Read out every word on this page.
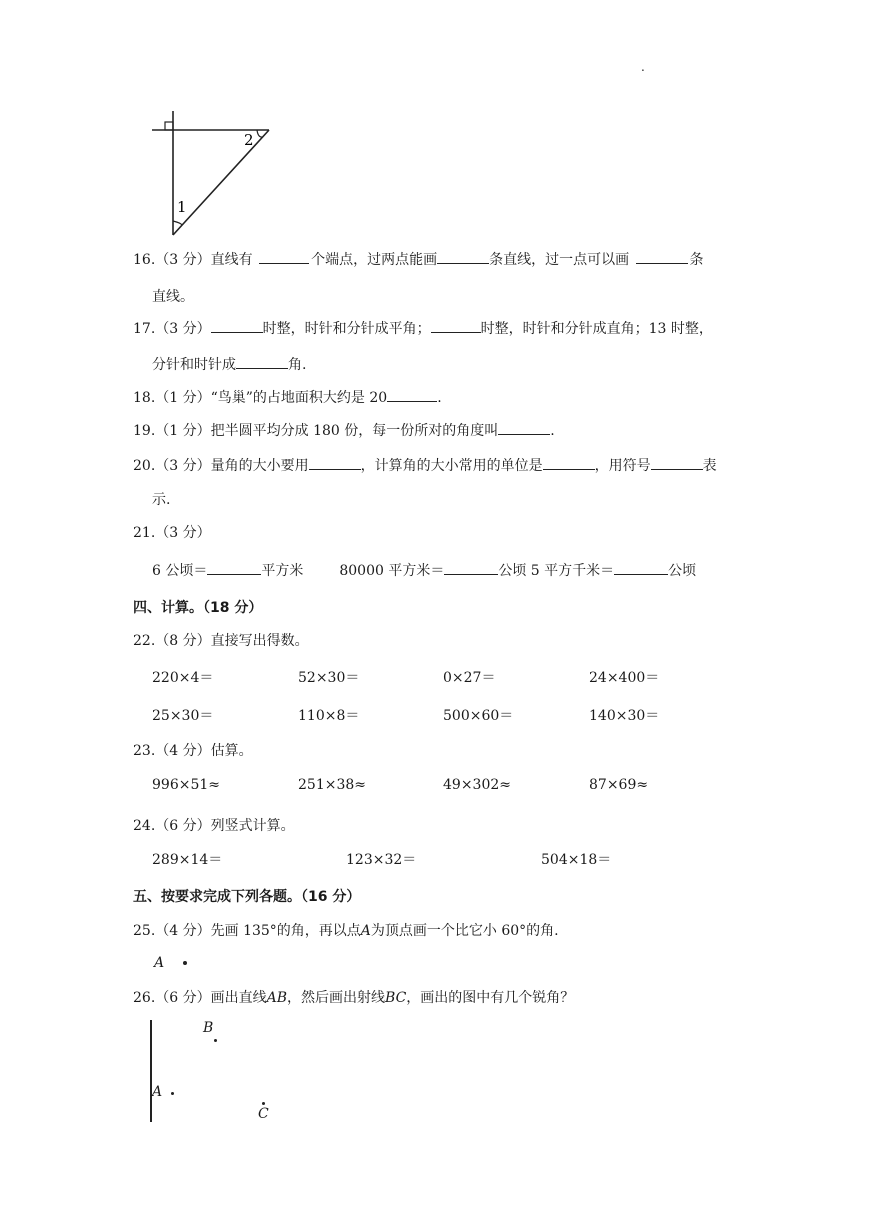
.
2
1
16.（3 分）直线有	个端点，过两点能画	条直线，过一点可以画	条
直线。
17.（3 分）	时整，时针和分针成平角；	时整，时针和分针成直角；13 时整，
分针和时针成	角.
18.（1 分）“鸟巢”的占地面积大约是 20	.
19.（1 分）把半圆平均分成 180 份，每一份所对的角度叫	.
20.（3 分）量角的大小要用	，计算角的大小常用的单位是	，用符号	表
示.
21.（3 分）
6 公顷＝	平方米	80000 平方米＝	公顷 5 平方千米＝	公顷
四、计算。（18 分）
22.（8 分）直接写出得数。
220×4＝	52×30＝	0×27＝	24×400＝
25×30＝	110×8＝	500×60＝	140×30＝
23.（4 分）估算。
996×51≈	251×38≈	49×302≈	87×69≈
24.（6 分）列竖式计算。
289×14＝	123×32＝	504×18＝
五、按要求完成下列各题。（16 分）
25.（4 分）先画 135°的角，再以点A为顶点画一个比它小 60°的角.
A
26.（6 分）画出直线AB，然后画出射线BC，画出的图中有几个锐角？
B
A
C
